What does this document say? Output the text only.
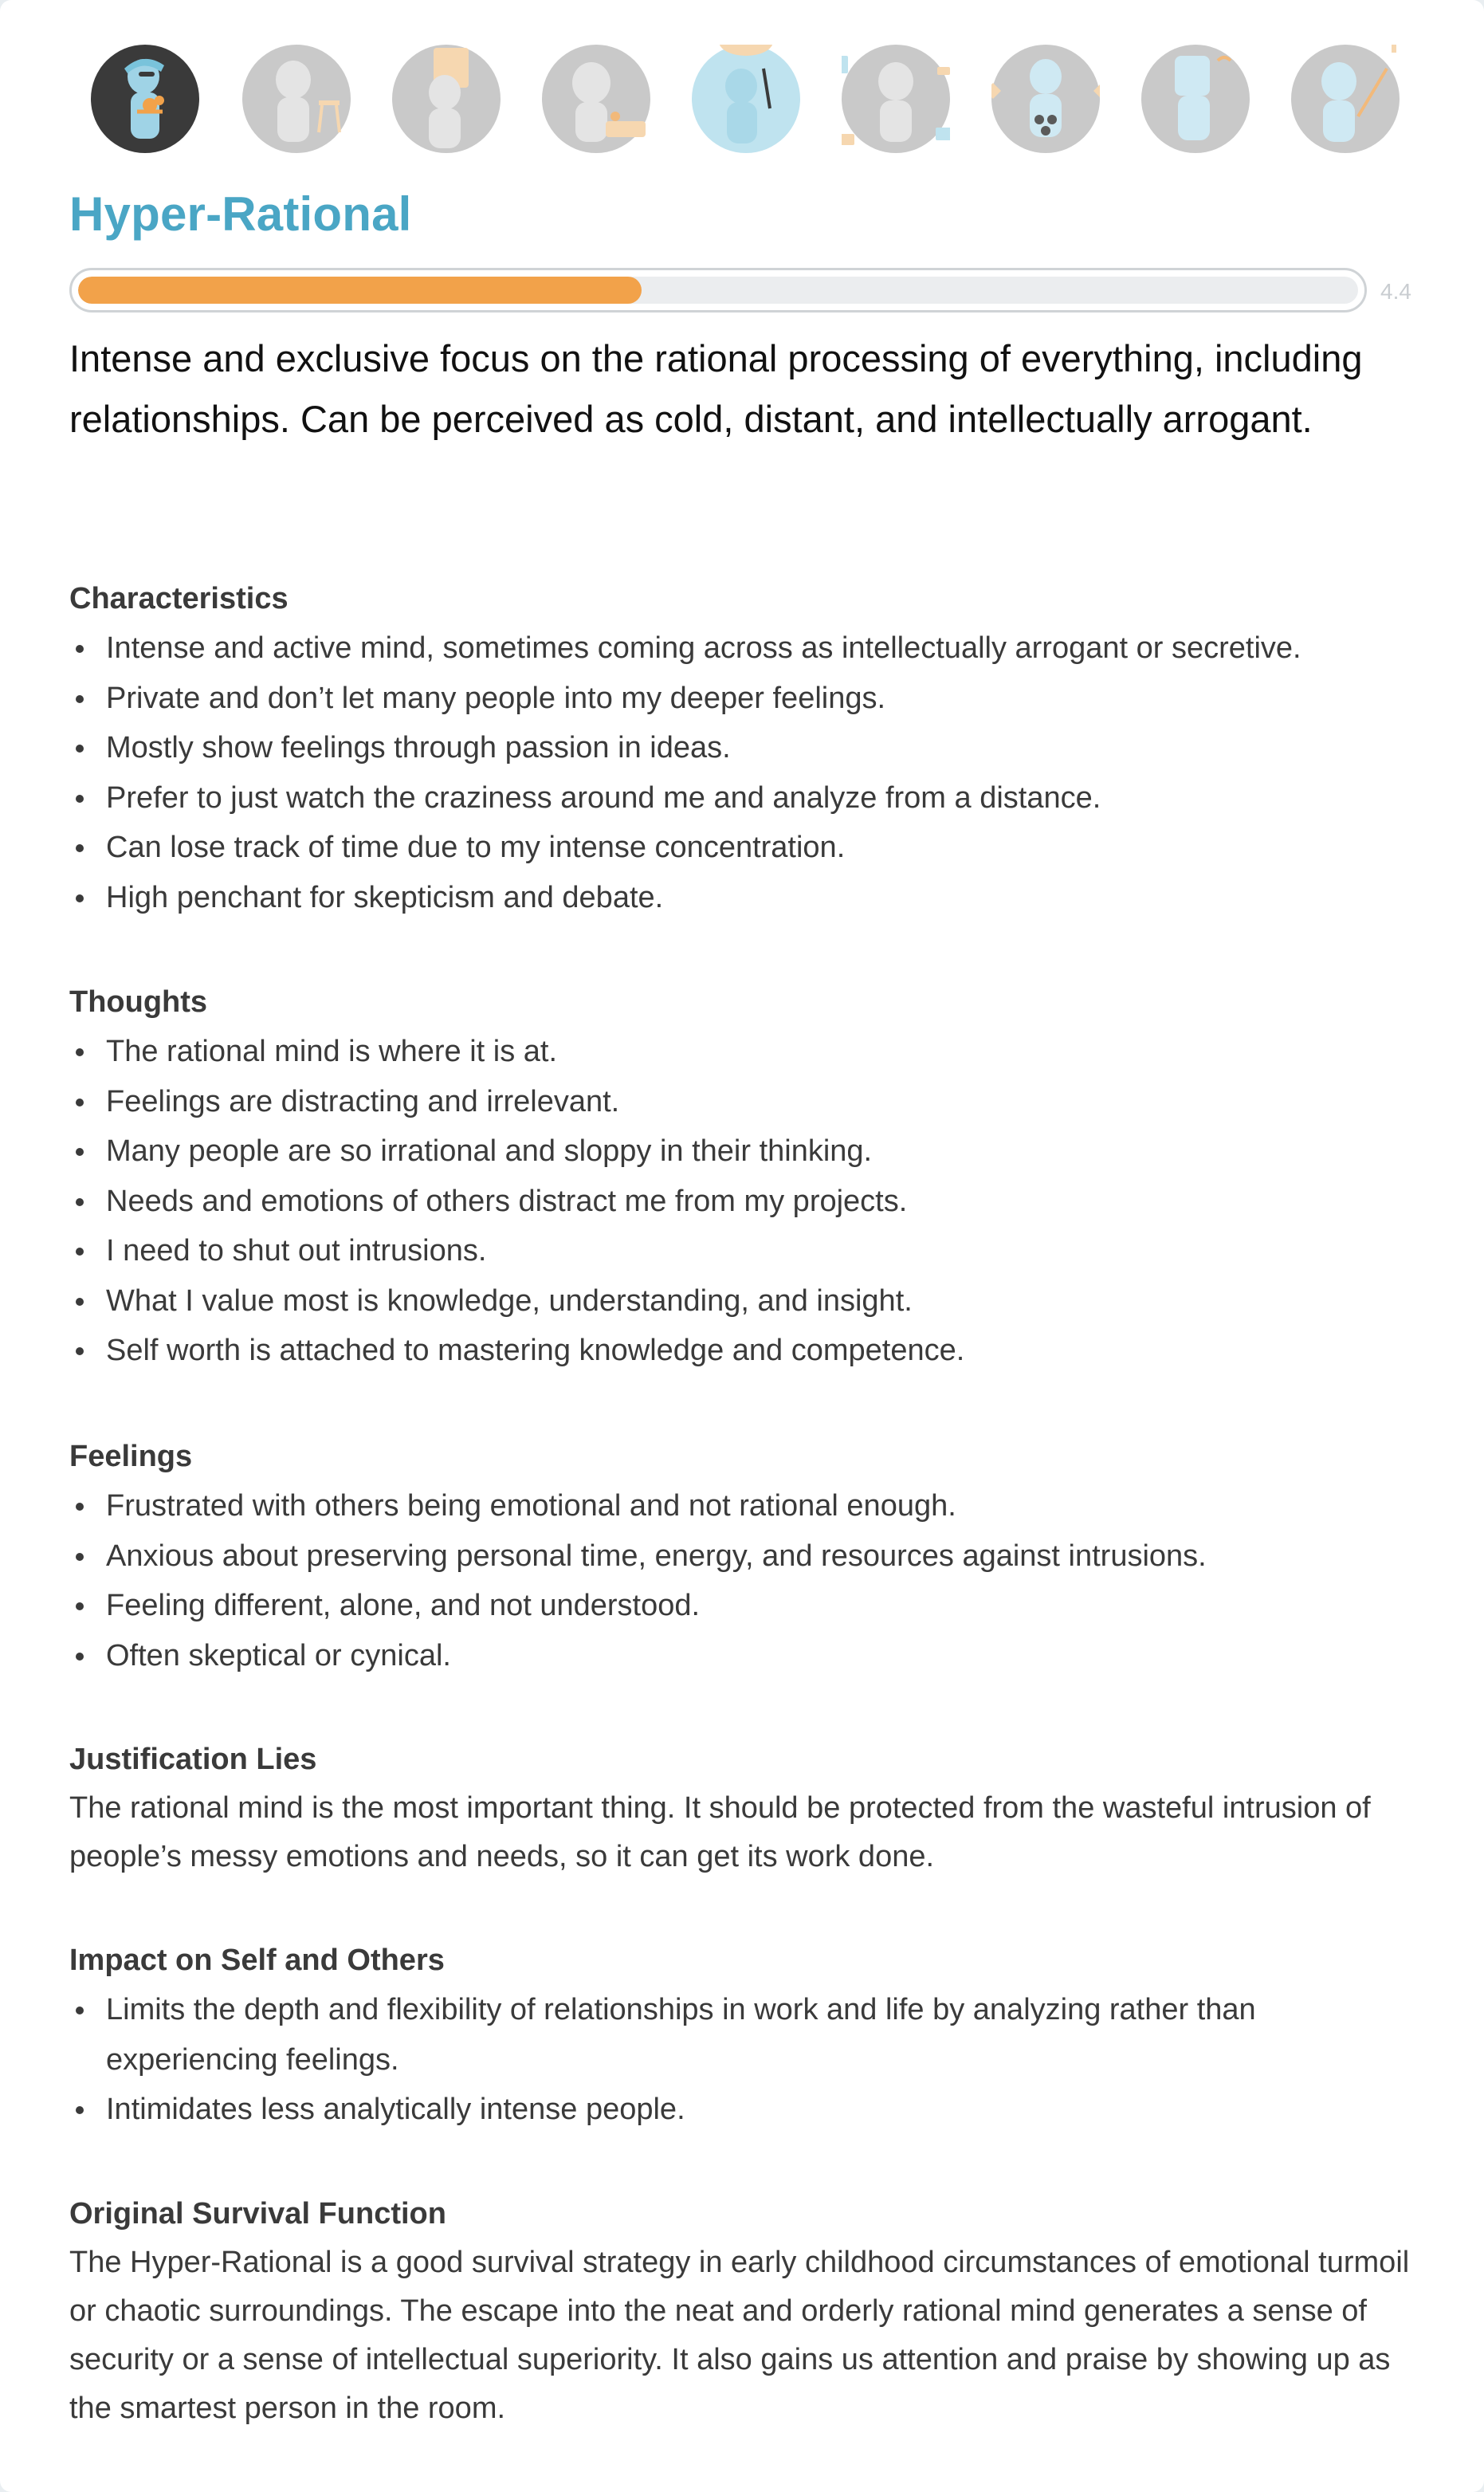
Hyper-Rational
4.4
Intense and exclusive focus on the rational processing of everything, including relationships. Can be perceived as cold, distant, and intellectually arrogant.
Characteristics
Intense and active mind, sometimes coming across as intellectually arrogant or secretive.
Private and don’t let many people into my deeper feelings.
Mostly show feelings through passion in ideas.
Prefer to just watch the craziness around me and analyze from a distance.
Can lose track of time due to my intense concentration.
High penchant for skepticism and debate.
Thoughts
The rational mind is where it is at.
Feelings are distracting and irrelevant.
Many people are so irrational and sloppy in their thinking.
Needs and emotions of others distract me from my projects.
I need to shut out intrusions.
What I value most is knowledge, understanding, and insight.
Self worth is attached to mastering knowledge and competence.
Feelings
Frustrated with others being emotional and not rational enough.
Anxious about preserving personal time, energy, and resources against intrusions.
Feeling different, alone, and not understood.
Often skeptical or cynical.
Justification Lies

The rational mind is the most important thing. It should be protected from the wasteful intrusion of people’s messy emotions and needs, so it can get its work done.

Impact on Self and Others
Limits the depth and flexibility of relationships in work and life by analyzing rather than experiencing feelings.
Intimidates less analytically intense people.
Original Survival Function

The Hyper-Rational is a good survival strategy in early childhood circumstances of emotional turmoil or chaotic surroundings. The escape into the neat and orderly rational mind generates a sense of security or a sense of intellectual superiority. It also gains us attention and praise by showing up as the smartest person in the room.
